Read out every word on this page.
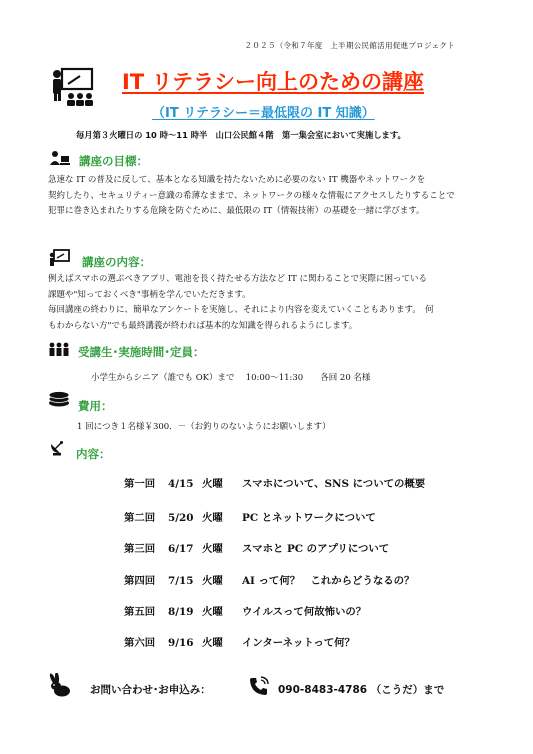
２０２５（令和７年度　上半期公民館活用促進プロジェクト
IT リテラシー向上のための講座
（IT リテラシー＝最低限の IT 知識）
毎月第３火曜日の 10 時～11 時半　山口公民館４階　第一集会室において実施します。
講座の目標：
急速な IT の普及に反して、基本となる知識を持たないために必要のない IT 機器やネットワークを
契約したり、セキュリティー意識の希薄なままで、ネットワークの様々な情報にアクセスしたりすることで
犯罪に巻き込まれたりする危険を防ぐために、最低限の IT（情報技術）の基礎を一緒に学びます。
講座の内容：
例えばスマホの選ぶべきアプリ、電池を長く持たせる方法など IT に関わることで実際に困っている
課題や"知っておくべき"事柄を学んでいただきます。
毎回講座の終わりに、簡単なアンケートを実施し、それにより内容を変えていくこともあります。　何
もわからない方"でも最終講義が終われば基本的な知識を得られるようにします。
受講生･実施時間･定員：
小学生からシニア（誰でも OK）まで　 10:00～11:30　　各回 20 名様
費用：
1 回につき１名様￥300．－（お釣りのないようにお願いします）
内容：
第一回 4/15 火曜 スマホについて、SNS についての概要
第二回 5/20 火曜 PC とネットワークについて
第三回 6/17 火曜 スマホと PC のアプリについて
第四回 7/15 火曜 AI って何？　これからどうなるの？
第五回 8/19 火曜 ウイルスって何故怖いの？
第六回 9/16 火曜 インターネットって何？
お問い合わせ･お申込み：	090-8483-4786 （こうだ）まで
